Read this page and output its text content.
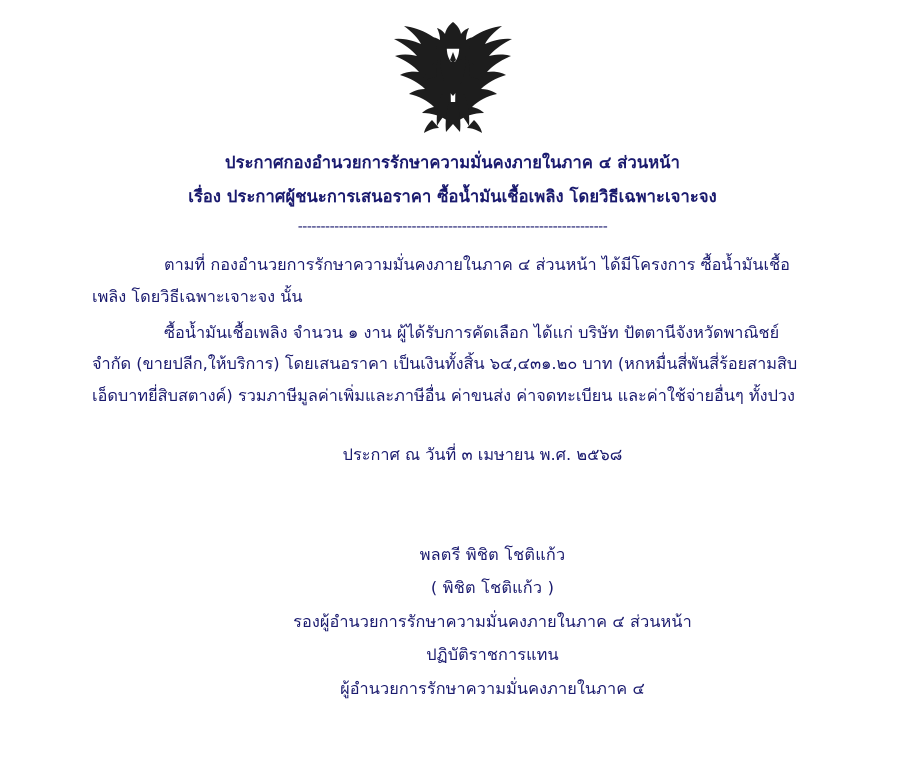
ประกาศกองอำนวยการรักษาความมั่นคงภายในภาค ๔ ส่วนหน้า
เรื่อง ประกาศผู้ชนะการเสนอราคา ซื้อน้ำมันเชื้อเพลิง โดยวิธีเฉพาะเจาะจง
--------------------------------------------------------------------

ตามที่ กองอำนวยการรักษาความมั่นคงภายในภาค ๔ ส่วนหน้า ได้มีโครงการ ซื้อน้ำมันเชื้อเพลิง โดยวิธีเฉพาะเจาะจง นั้น

ซื้อน้ำมันเชื้อเพลิง จำนวน ๑ งาน ผู้ได้รับการคัดเลือก ได้แก่ บริษัท ปัตตานีจังหวัดพาณิชย์ จำกัด (ขายปลีก,ให้บริการ) โดยเสนอราคา เป็นเงินทั้งสิ้น ๖๔,๔๓๑.๒๐ บาท (หกหมื่นสี่พันสี่ร้อยสามสิบเอ็ดบาทยี่สิบสตางค์) รวมภาษีมูลค่าเพิ่มและภาษีอื่น ค่าขนส่ง ค่าจดทะเบียน และค่าใช้จ่ายอื่นๆ ทั้งปวง

ประกาศ ณ วันที่ ๓ เมษายน พ.ศ. ๒๕๖๘
พลตรี พิชิต โชติแก้ว
( พิชิต โชติแก้ว )
รองผู้อำนวยการรักษาความมั่นคงภายในภาค ๔ ส่วนหน้า
ปฏิบัติราชการแทน
ผู้อำนวยการรักษาความมั่นคงภายในภาค ๔
